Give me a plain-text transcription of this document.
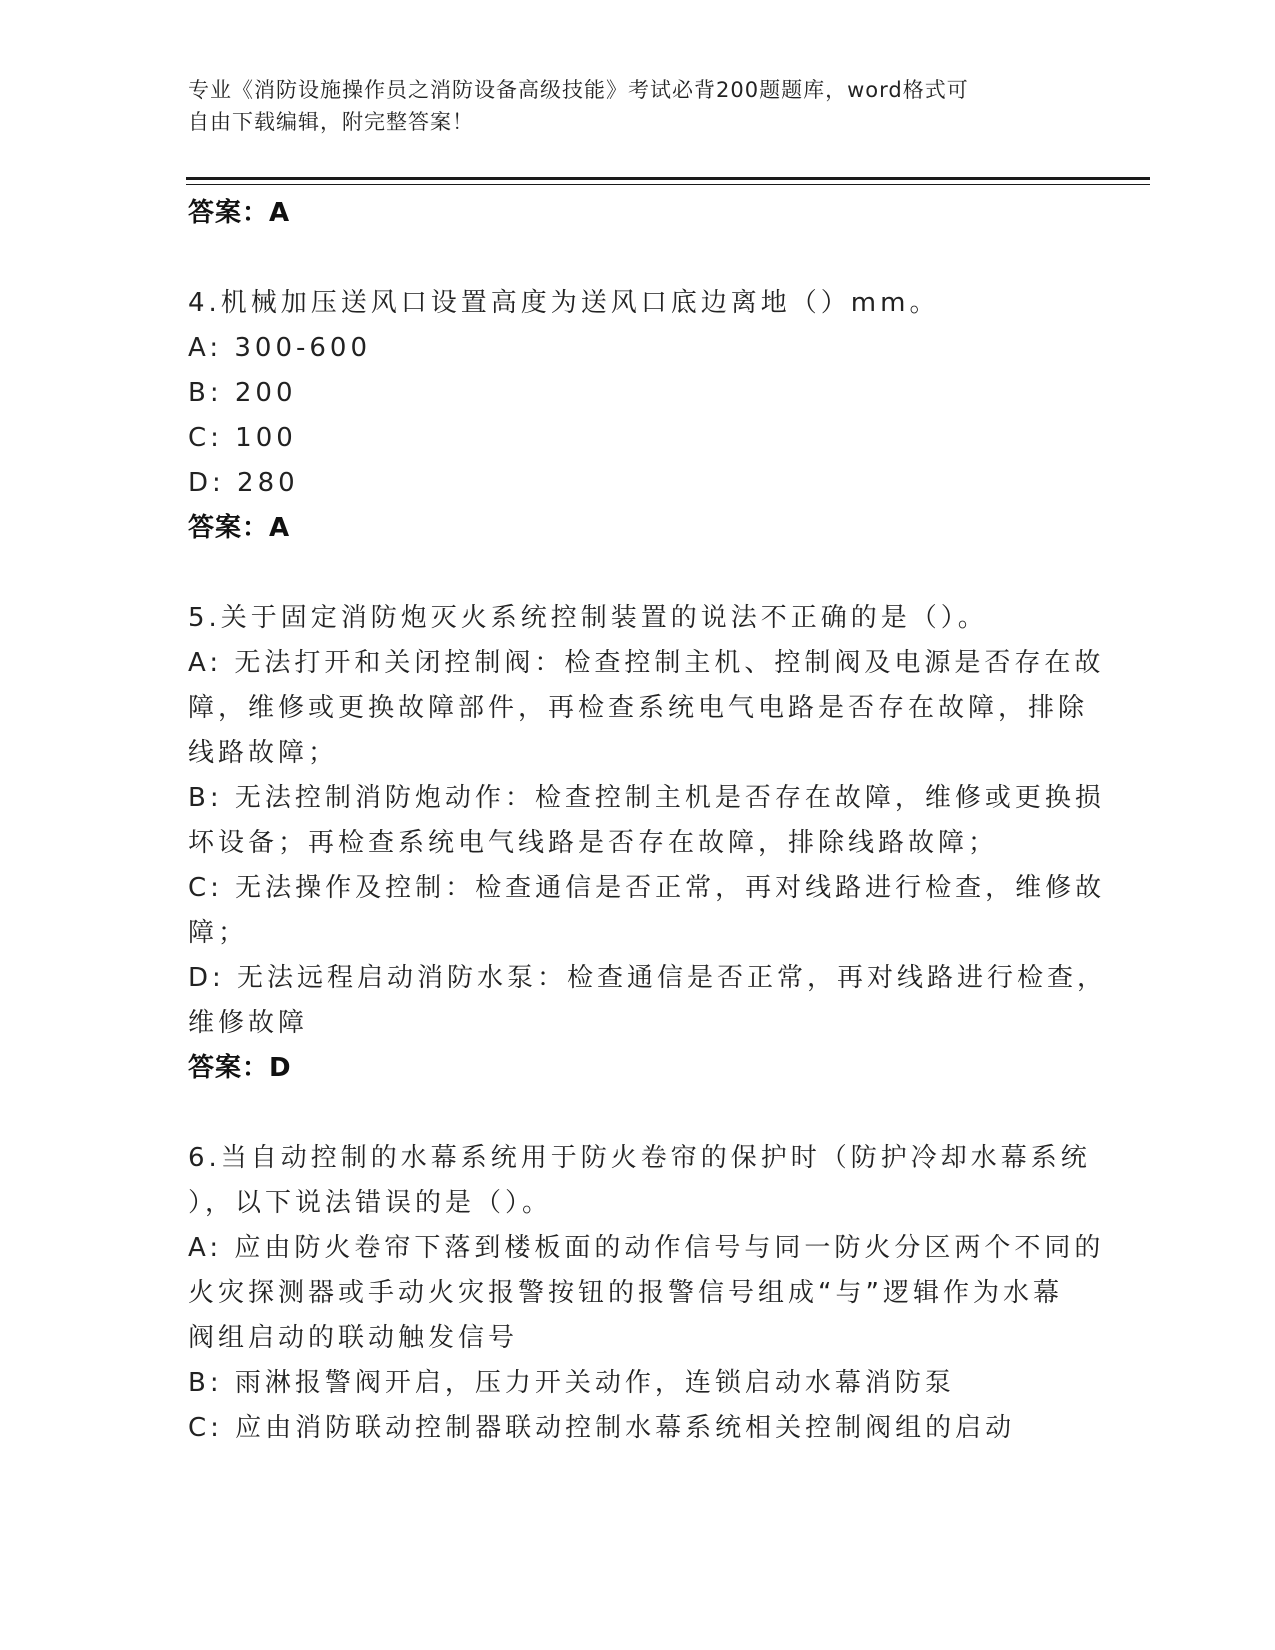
专业《消防设施操作员之消防设备高级技能》考试必背200题题库，word格式可
自由下载编辑，附完整答案！
答案：A
4.机械加压送风口设置高度为送风口底边离地（）mm。
A: 300-600
B: 200
C: 100
D: 280
答案：A
5.关于固定消防炮灭火系统控制装置的说法不正确的是（）。
A: 无法打开和关闭控制阀：检查控制主机、控制阀及电源是否存在故
障，维修或更换故障部件，再检查系统电气电路是否存在故障，排除
线路故障；
B: 无法控制消防炮动作：检查控制主机是否存在故障，维修或更换损
坏设备；再检查系统电气线路是否存在故障，排除线路故障；
C: 无法操作及控制：检查通信是否正常，再对线路进行检查，维修故
障；
D: 无法远程启动消防水泵：检查通信是否正常，再对线路进行检查，
维修故障
答案：D
6.当自动控制的水幕系统用于防火卷帘的保护时（防护冷却水幕系统
），以下说法错误的是（）。
A: 应由防火卷帘下落到楼板面的动作信号与同一防火分区两个不同的
火灾探测器或手动火灾报警按钮的报警信号组成“与”逻辑作为水幕
阀组启动的联动触发信号
B: 雨淋报警阀开启，压力开关动作，连锁启动水幕消防泵
C: 应由消防联动控制器联动控制水幕系统相关控制阀组的启动
